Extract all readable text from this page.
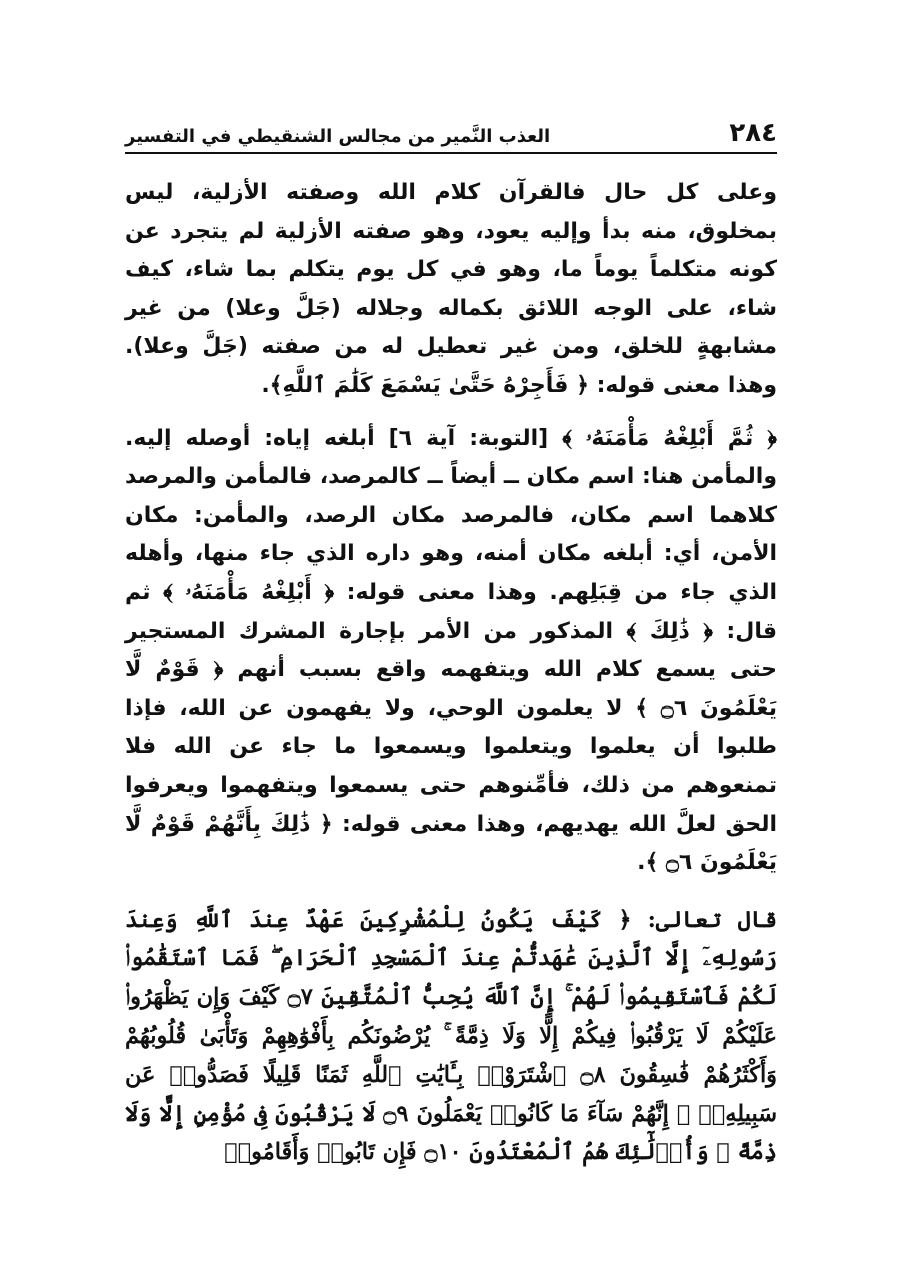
٢٨٤
العذب النَّمير من مجالس الشنقيطي في التفسير

وعلى كل حال فالقرآن كلام الله وصفته الأزلية، ليس بمخلوق، منه بدأ وإليه يعود، وهو صفته الأزلية لم يتجرد عن كونه متكلماً يوماً ما، وهو في كل يوم يتكلم بما شاء، كيف شاء، على الوجه اللائق بكماله وجلاله (جَلَّ وعلا) من غير مشابهةٍ للخلق، ومن غير تعطيل له من صفته (جَلَّ وعلا). وهذا معنى قوله: ﴿ فَأَجِرْهُ حَتَّىٰ يَسْمَعَ كَلَٰمَ ٱللَّهِ﴾.

﴿ ثُمَّ أَبْلِغْهُ مَأْمَنَهُۥ ﴾ [التوبة: آية ٦] أبلغه إياه: أوصله إليه. والمأمن هنا: اسم مكان ــ أيضاً ــ كالمرصد، فالمأمن والمرصد كلاهما اسم مكان، فالمرصد مكان الرصد، والمأمن: مكان الأمن، أي: أبلغه مكان أمنه، وهو داره الذي جاء منها، وأهله الذي جاء من قِبَلِهم. وهذا معنى قوله: ﴿ أَبْلِغْهُ مَأْمَنَهُۥ ﴾ ثم قال: ﴿ ذَٰلِكَ ﴾ المذكور من الأمر بإجارة المشرك المستجير حتى يسمع كلام الله ويتفهمه واقع بسبب أنهم ﴿ قَوْمٌ لَّا يَعْلَمُونَ ۝٦ ﴾ لا يعلمون الوحي، ولا يفهمون عن الله، فإذا طلبوا أن يعلموا ويتعلموا ويسمعوا ما جاء عن الله فلا تمنعوهم من ذلك، فأمِّنوهم حتى يسمعوا ويتفهموا ويعرفوا الحق لعلَّ الله يهديهم، وهذا معنى قوله: ﴿ ذَٰلِكَ بِأَنَّهُمْ قَوْمٌ لَّا يَعْلَمُونَ ۝٦ ﴾.

قال تعالى: ﴿ كَيْفَ يَكُونُ لِلْمُشْرِكِينَ عَهْدٌ عِندَ ٱللَّهِ وَعِندَ رَسُولِهِۦٓ إِلَّا ٱلَّذِينَ عَٰهَدتُّمْ عِندَ ٱلْمَسْجِدِ ٱلْحَرَامِ ۖ فَمَا ٱسْتَقَٰمُوا۟ لَكُمْ فَٱسْتَقِيمُوا۟ لَهُمْ ۚ إِنَّ ٱللَّهَ يُحِبُّ ٱلْمُتَّقِينَ ۝٧ كَيْفَ وَإِن يَظْهَرُوا۟ عَلَيْكُمْ لَا يَرْقُبُوا۟ فِيكُمْ إِلًّا وَلَا ذِمَّةً ۚ يُرْضُونَكُم بِأَفْوَٰهِهِمْ وَتَأْبَىٰ قُلُوبُهُمْ وَأَكْثَرُهُمْ فَٰسِقُونَ ۝٨ ٱشْتَرَوْا۟ بِـَٔايَٰتِ ٱللَّهِ ثَمَنًا قَلِيلًا فَصَدُّوا۟ عَن سَبِيلِهِۦٓ ۚ إِنَّهُمْ سَآءَ مَا كَانُوا۟ يَعْمَلُونَ ۝٩ لَا يَرْقُبُونَ فِى مُؤْمِنٍ إِلًّا وَلَا ذِمَّةً ۚ وَأُو۟لَٰٓئِكَ هُمُ ٱلْمُعْتَدُونَ ۝١٠ فَإِن تَابُوا۟ وَأَقَامُوا۟
